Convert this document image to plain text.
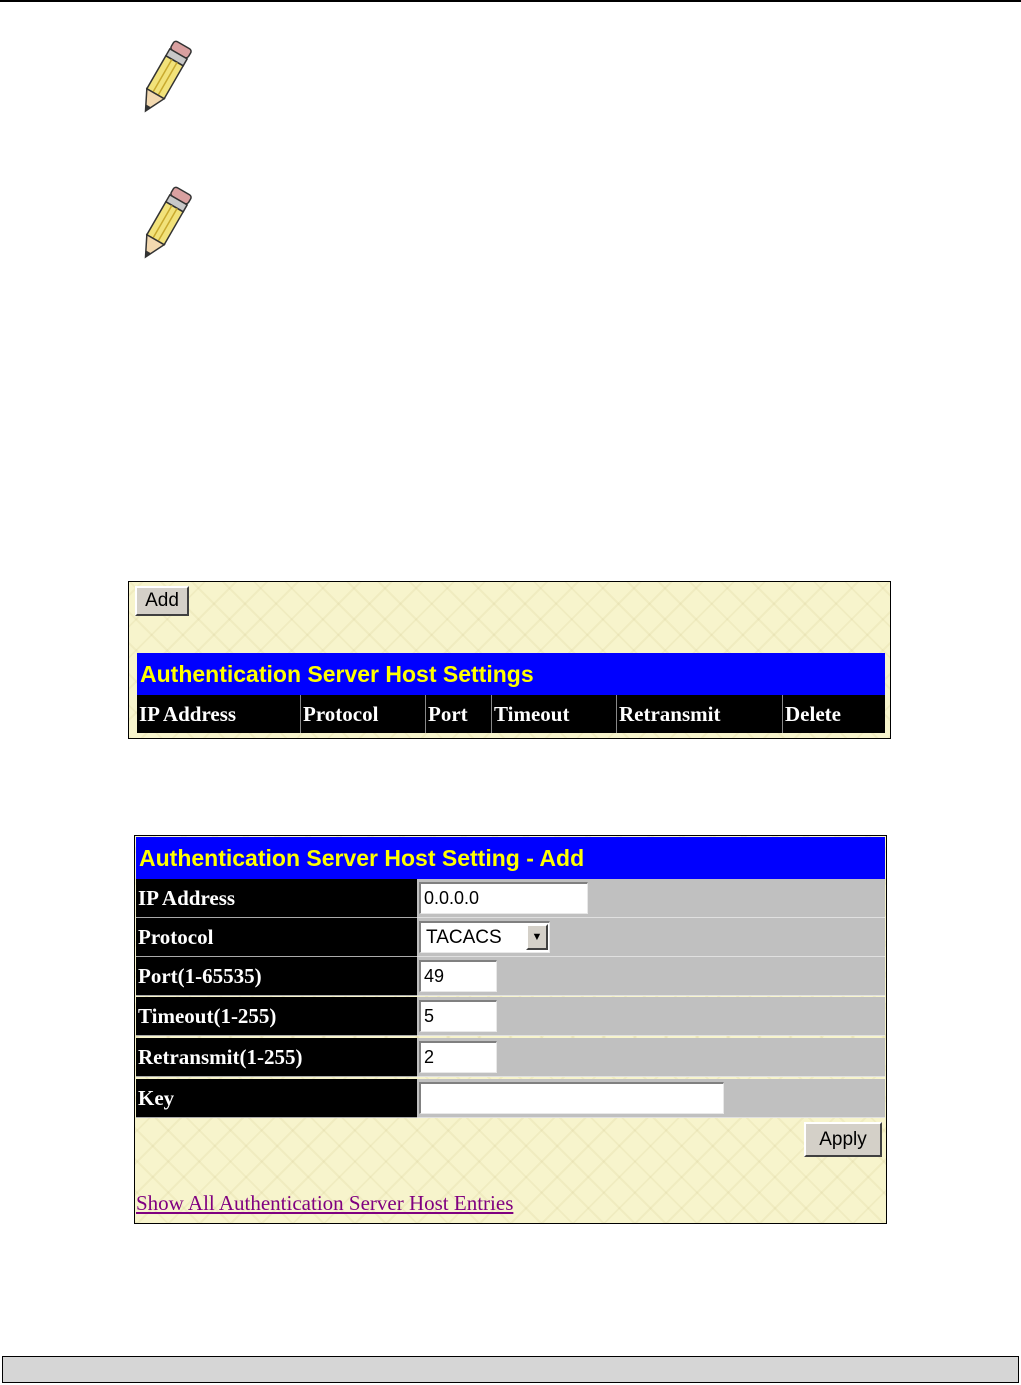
Add
Authentication Server Host Settings
IP Address	Protocol	Port	Timeout	Retransmit	Delete
Authentication Server Host Setting - Add
IP Address	0.0.0.0
Protocol	TACACS	▼
Port(1-65535)	49
Timeout(1-255)	5
Retransmit(1-255)	2
Key
Apply
Show All Authentication Server Host Entries
